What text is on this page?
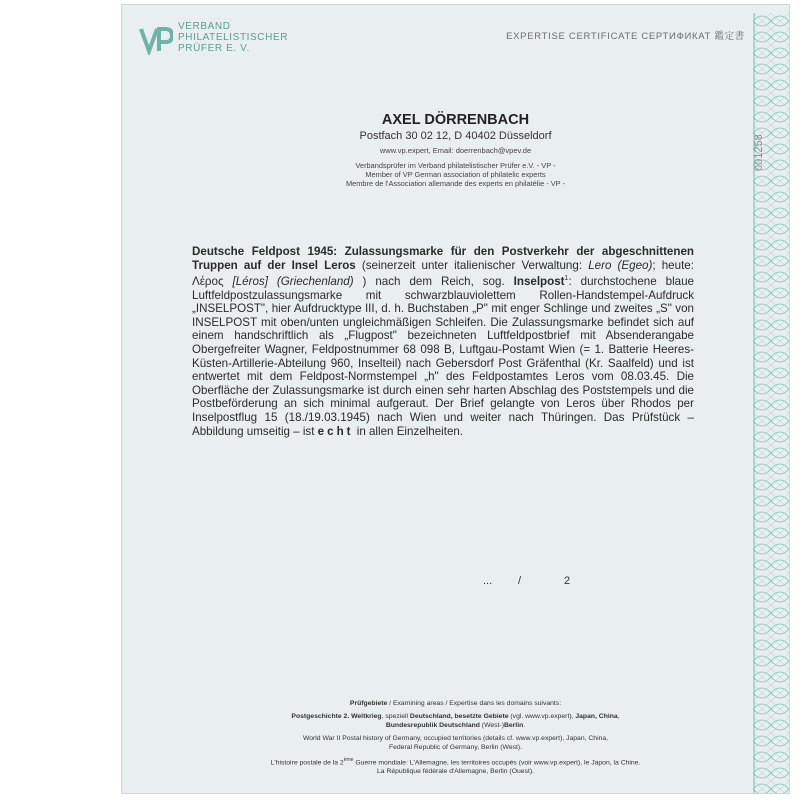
VERBAND
PHILATELISTISCHER
PRÜFER E. V.
EXPERTISE CERTIFICATE СЕРТИФИКАТ 鑑定書
001258
AXEL DÖRRENBACH
Postfach 30 02 12, D 40402 Düsseldorf
www.vp.expert, Email: doerrenbach@vpev.de
Verbandsprüfer im Verband philatelistischer Prüfer e.V. - VP -
Member of VP German association of philatelic experts
Membre de l'Association allemande des experts en philatélie - VP -
Deutsche Feldpost 1945: Zulassungsmarke für den Postverkehr der abgeschnittenen Truppen auf der Insel Leros (seinerzeit unter italienischer Verwaltung: Lero (Egeo); heute: Λέρος [Léros] (Griechenland) ) nach dem Reich, sog. Inselpost$^1$: durchstochene blaue Luftfeldpostzulassungsmarke mit schwarzblauviolettem Rollen-Handstempel-Aufdruck „INSELPOST", hier Aufdrucktype III, d. h. Buchstaben „P" mit enger Schlinge und zweites „S" von INSELPOST mit oben/unten ungleichmäßigen Schleifen. Die Zulassungsmarke befindet sich auf einem handschriftlich als „Flugpost" bezeichneten Luftfeldpostbrief mit Absenderangabe Obergefreiter Wagner, Feldpostnummer 68 098 B, Luftgau-Postamt Wien (= 1. Batterie Heeres-Küsten-Artillerie-Abteilung 960, Inselteil) nach Gebersdorf Post Gräfenthal (Kr. Saalfeld) und ist entwertet mit dem Feldpost-Normstempel „h" des Feldpostamtes Leros vom 08.03.45. Die Oberfläche der Zulassungsmarke ist durch einen sehr harten Abschlag des Poststempels und die Postbeförderung an sich minimal aufgeraut. Der Brief gelangte von Leros über Rhodos per Inselpostflug 15 (18./19.03.1945) nach Wien und weiter nach Thüringen. Das Prüfstück – Abbildung umseitig – ist echt in allen Einzelheiten.
... /	2
Prüfgebiete / Examining areas / Expertise dans les domains suivants:
Postgeschichte 2. Weltkrieg, speziell Deutschland, besetzte Gebiete (vgl. www.vp.expert), Japan, China,
Bundesrepublik Deutschland (West-)Berlin.
World War II Postal history of Germany, occupied territories (details cf. www.vp.expert), Japan, China,
Federal Republic of Germany, Berlin (West).
L'histoire postale de la 2ème Guerre mondiale: L'Allemagne, les territoires occupés (voir www.vp.expert), le Japon, la Chine.
La République fédérale d'Allemagne, Berlin (Ouest).
